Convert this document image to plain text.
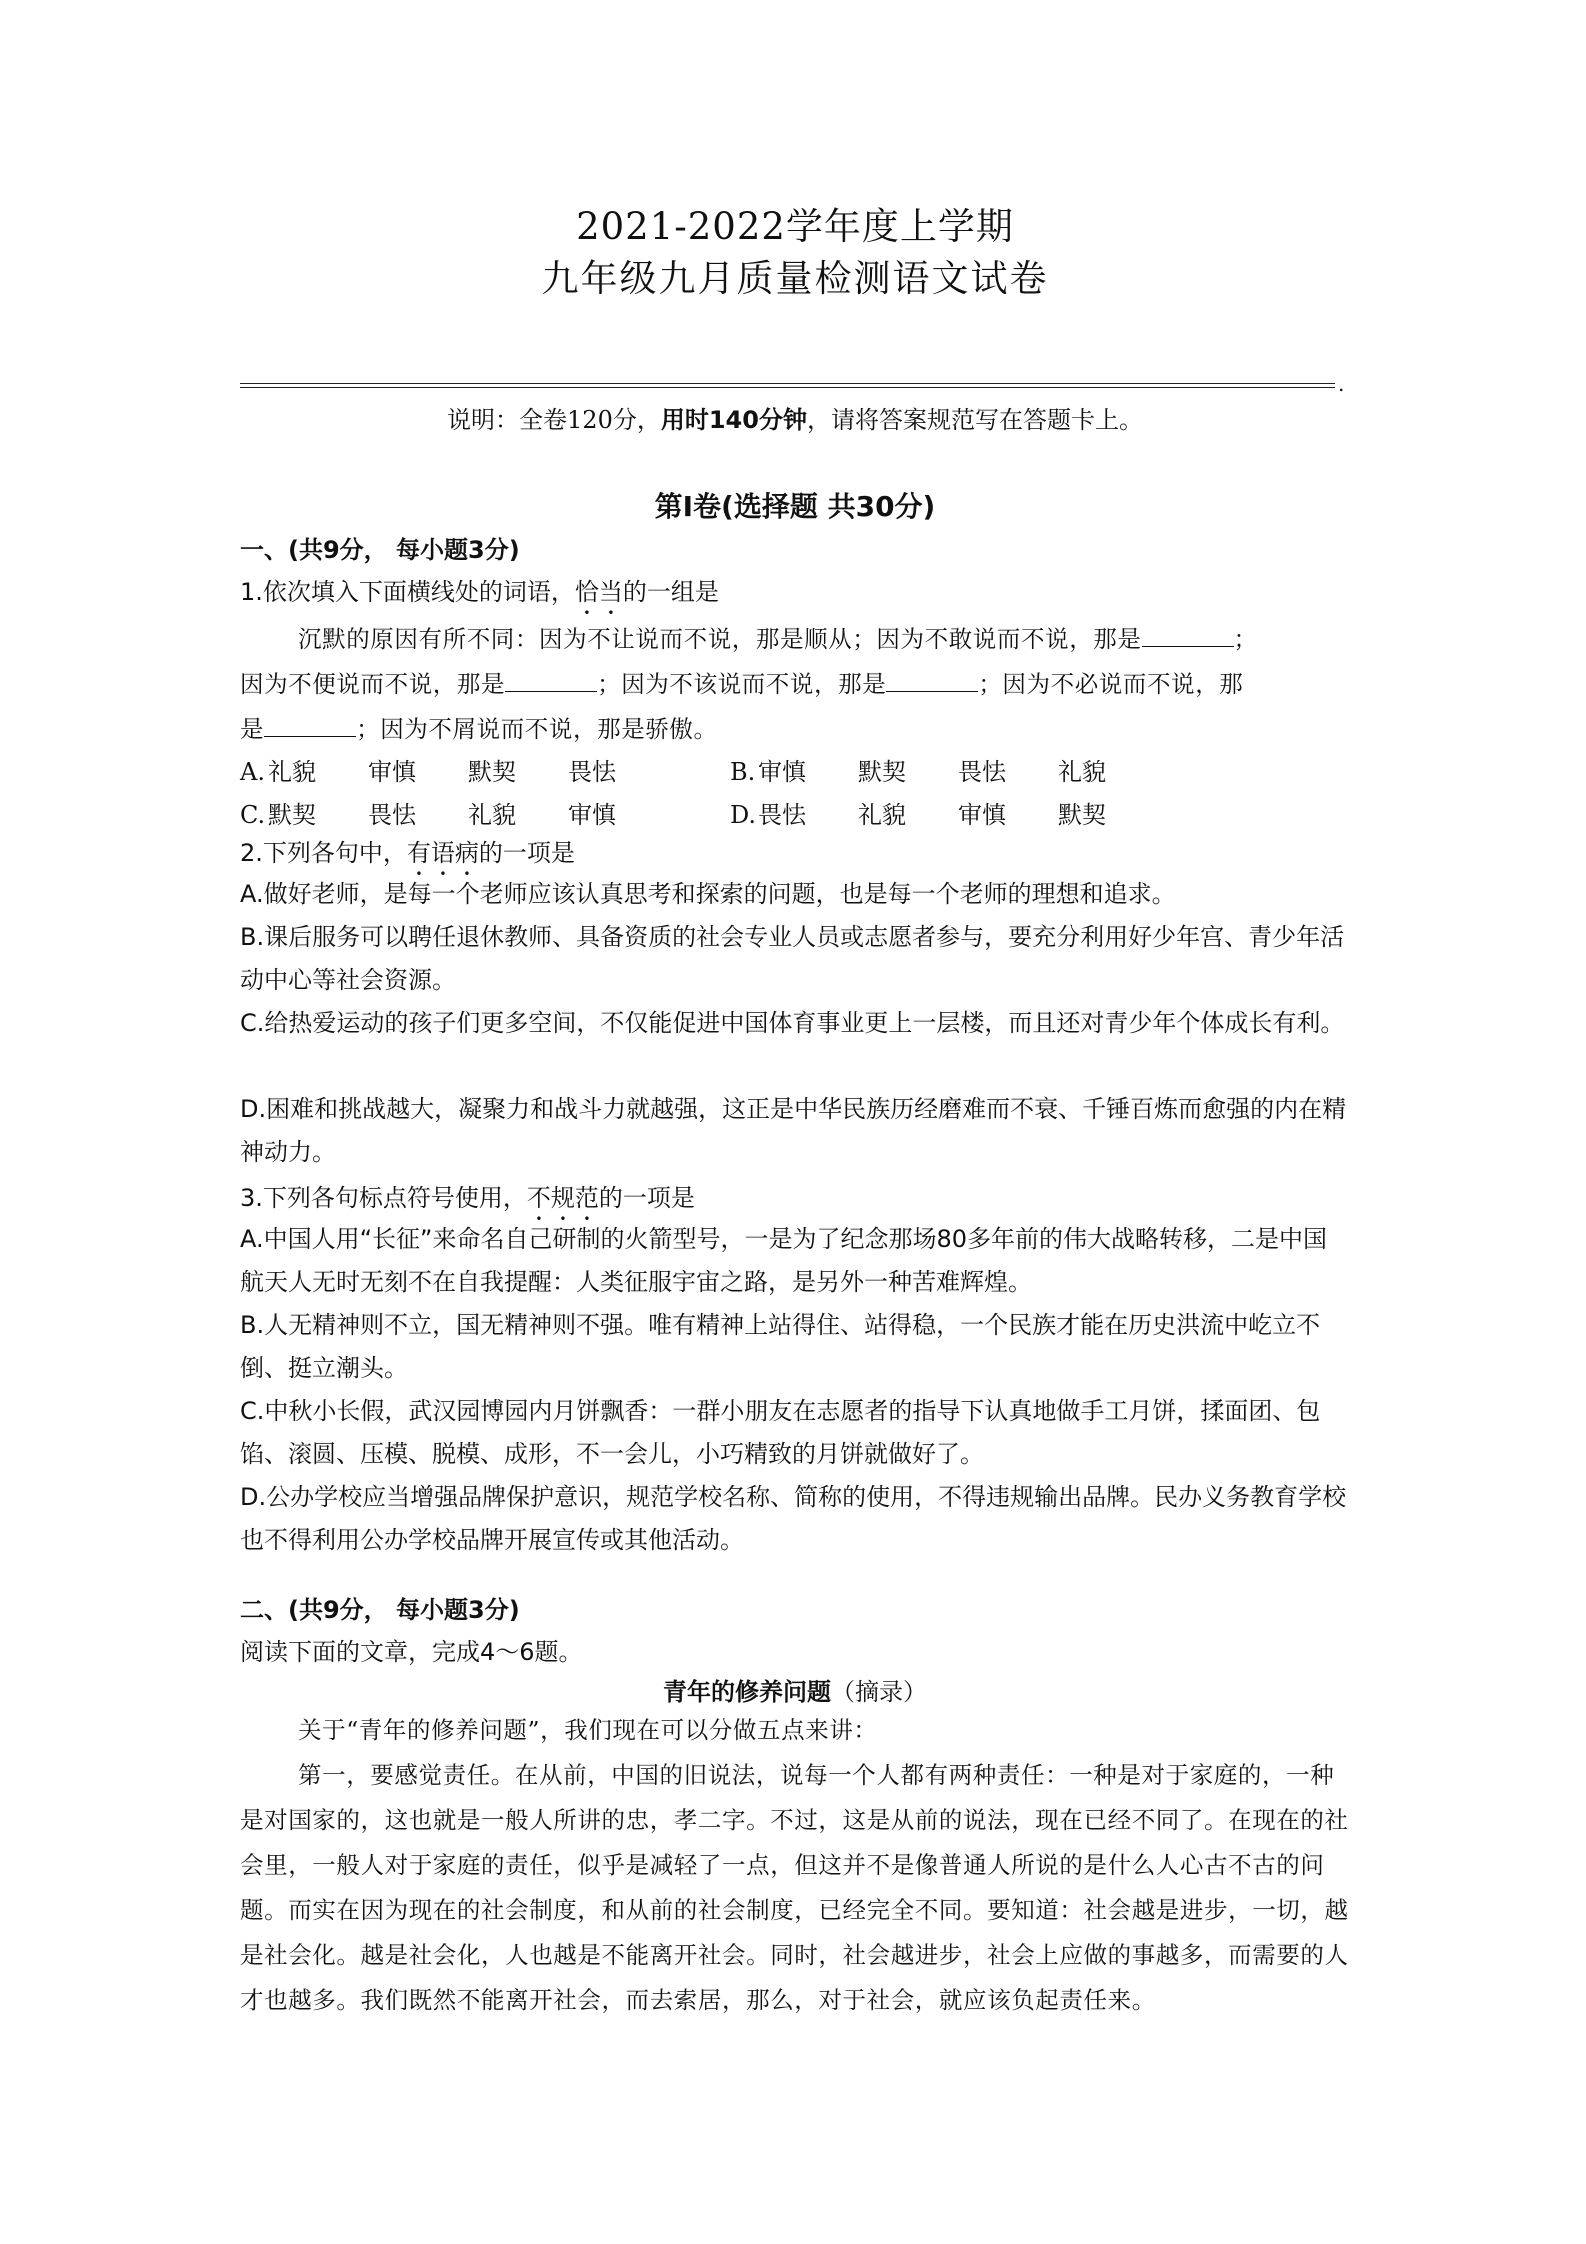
2021-2022学年度上学期
九年级九月质量检测语文试卷
.
说明：全卷120分，用时140分钟，请将答案规范写在答题卡上。
第Ⅰ卷(选择题 共30分)
一、(共9分， 每小题3分)
1.依次填入下面横线处的词语，恰当的一组是
沉默的原因有所不同：因为不让说而不说，那是顺从；因为不敢说而不说，那是	；
因为不便说而不说，那是	；因为不该说而不说，那是	；因为不必说而不说，那
是	；因为不屑说而不说，那是骄傲。
A. 礼貌 审慎 默契 畏怯	B. 审慎 默契 畏怯 礼貌
C. 默契 畏怯 礼貌 审慎	D.畏怯 礼貌 审慎 默契
2.下列各句中，有语病的一项是
A.做好老师，是每一个老师应该认真思考和探索的问题，也是每一个老师的理想和追求。
B.课后服务可以聘任退休教师、具备资质的社会专业人员或志愿者参与，要充分利用好少年宫、青少年活动中心等社会资源。
C.给热爱运动的孩子们更多空间，不仅能促进中国体育事业更上一层楼，而且还对青少年个体成长有利。
D.困难和挑战越大，凝聚力和战斗力就越强，这正是中华民族历经磨难而不衰、千锤百炼而愈强的内在精神动力。
3.下列各句标点符号使用，不规范的一项是
A.中国人用“长征”来命名自己研制的火箭型号，一是为了纪念那场80多年前的伟大战略转移，二是中国航天人无时无刻不在自我提醒：人类征服宇宙之路，是另外一种苦难辉煌。
B.人无精神则不立，国无精神则不强。唯有精神上站得住、站得稳，一个民族才能在历史洪流中屹立不倒、挺立潮头。
C.中秋小长假，武汉园博园内月饼飘香：一群小朋友在志愿者的指导下认真地做手工月饼，揉面团、包馅、滚圆、压模、脱模、成形，不一会儿，小巧精致的月饼就做好了。
D.公办学校应当增强品牌保护意识，规范学校名称、简称的使用，不得违规输出品牌。民办义务教育学校也不得利用公办学校品牌开展宣传或其他活动。
二、(共9分， 每小题3分)
阅读下面的文章，完成4～6题。
青年的修养问题（摘录）
关于“青年的修养问题”，我们现在可以分做五点来讲：
第一，要感觉责任。在从前，中国的旧说法，说每一个人都有两种责任：一种是对于家庭的，一种是对国家的，这也就是一般人所讲的忠，孝二字。不过，这是从前的说法，现在已经不同了。在现在的社会里，一般人对于家庭的责任，似乎是减轻了一点，但这并不是像普通人所说的是什么人心古不古的问题。而实在因为现在的社会制度，和从前的社会制度，已经完全不同。要知道：社会越是进步，一切，越是社会化。越是社会化，人也越是不能离开社会。同时，社会越进步，社会上应做的事越多，而需要的人才也越多。我们既然不能离开社会，而去索居，那么，对于社会，就应该负起责任来。
